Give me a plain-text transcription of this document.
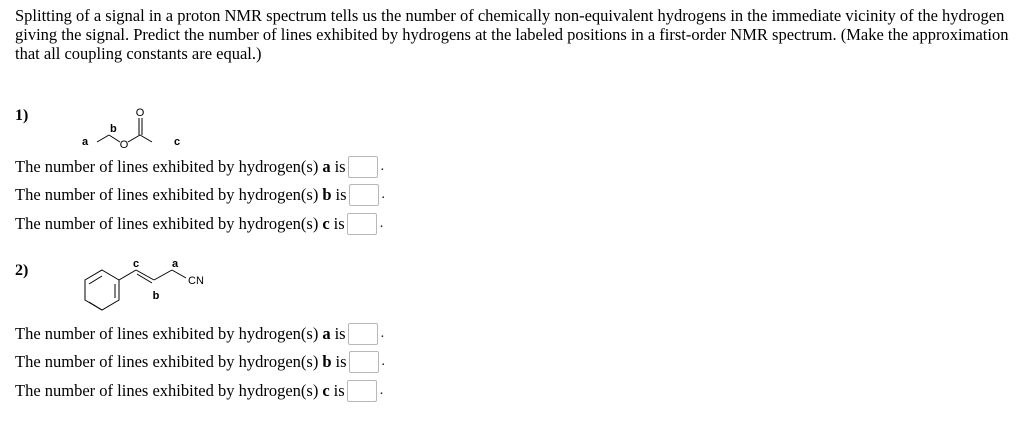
Splitting of a signal in a proton NMR spectrum tells us the number of chemically non-equivalent hydrogens in the immediate vicinity of the hydrogen giving the signal. Predict the number of lines exhibited by hydrogens at the labeled positions in a first-order NMR spectrum. (Make the approximation that all coupling constants are equal.)

1)	O
O
a
b
c
The number of lines exhibited by hydrogen(s) a is	.
The number of lines exhibited by hydrogen(s) b is	.
The number of lines exhibited by hydrogen(s) c is	.
2)	c	a
b
CN
The number of lines exhibited by hydrogen(s) a is	.
The number of lines exhibited by hydrogen(s) b is	.
The number of lines exhibited by hydrogen(s) c is	.
